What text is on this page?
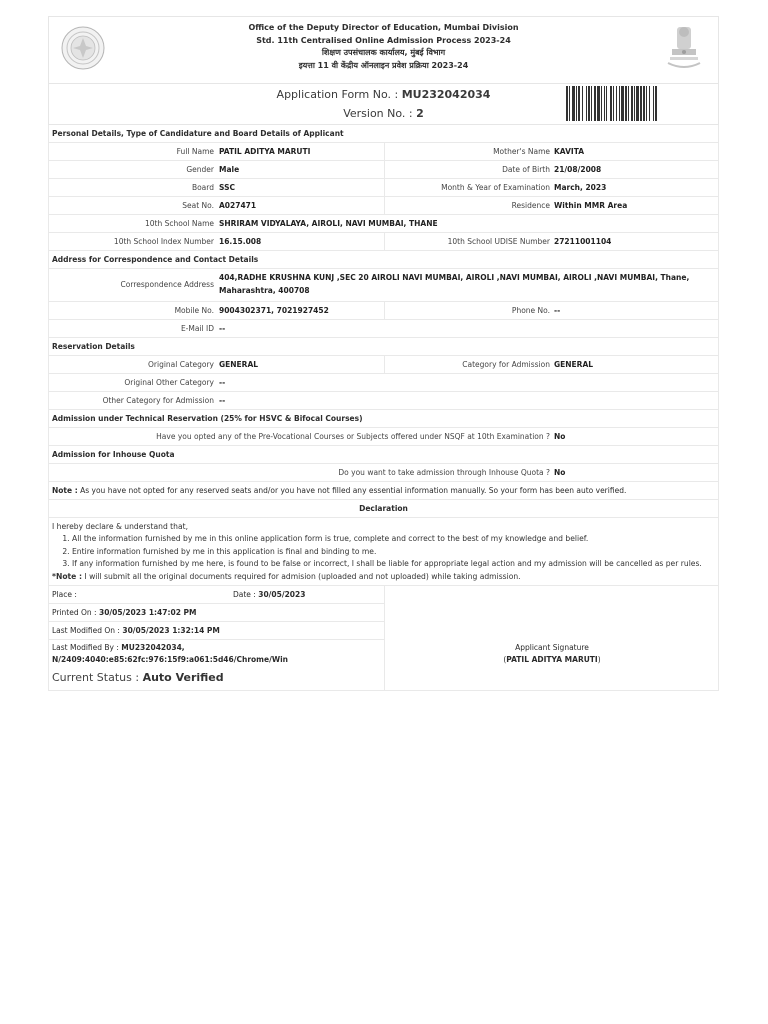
Office of the Deputy Director of Education, Mumbai Division
Std. 11th Centralised Online Admission Process 2023-24
शिक्षण उपसंचालक कार्यालय, मुंबई विभाग
इयत्ता 11 वी केंद्रीय ऑनलाइन प्रवेश प्रक्रिया 2023-24
Application Form No. : MU232042034
Version No. : 2
Personal Details, Type of Candidature and Board Details of Applicant
Full Name PATIL ADITYA MARUTI	Mother's Name KAVITA
Gender Male	Date of Birth 21/08/2008
Board SSC	Month & Year of Examination March, 2023
Seat No. A027471	Residence Within MMR Area
10th School Name SHRIRAM VIDYALAYA, AIROLI, NAVI MUMBAI, THANE
10th School Index Number 16.15.008	10th School UDISE Number 27211001104
Address for Correspondence and Contact Details
Correspondence Address
404,RADHE KRUSHNA KUNJ ,SEC 20 AIROLI NAVI MUMBAI, AIROLI ,NAVI MUMBAI, AIROLI ,NAVI MUMBAI, Thane,
Maharashtra, 400708
Mobile No. 9004302371, 7021927452	Phone No. --
E-Mail ID --
Reservation Details
Original Category GENERAL	Category for Admission GENERAL
Original Other Category --
Other Category for Admission --
Admission under Technical Reservation (25% for HSVC & Bifocal Courses)
Have you opted any of the Pre-Vocational Courses or Subjects offered under NSQF at 10th Examination ? No
Admission for Inhouse Quota
Do you want to take admission through Inhouse Quota ? No
Note : As you have not opted for any reserved seats and/or you have not filled any essential information manually. So your form has been auto verified.
Declaration
I hereby declare & understand that,
1. All the information furnished by me in this online application form is true, complete and correct to the best of my knowledge and belief.
2. Entire information furnished by me in this application is final and binding to me.
3. If any information furnished by me here, is found to be false or incorrect, I shall be liable for appropriate legal action and my admission will be cancelled as per rules.
*Note : I will submit all the original documents required for admision (uploaded and not uploaded) while taking admission.
Place :	Date : 30/05/2023
Printed On : 30/05/2023 1:47:02 PM
Last Modified On : 30/05/2023 1:32:14 PM
Last Modified By : MU232042034,
N/2409:4040:e85:62fc:976:15f9:a061:5d46/Chrome/Win
Applicant Signature
(PATIL ADITYA MARUTI)
Current Status : Auto Verified
